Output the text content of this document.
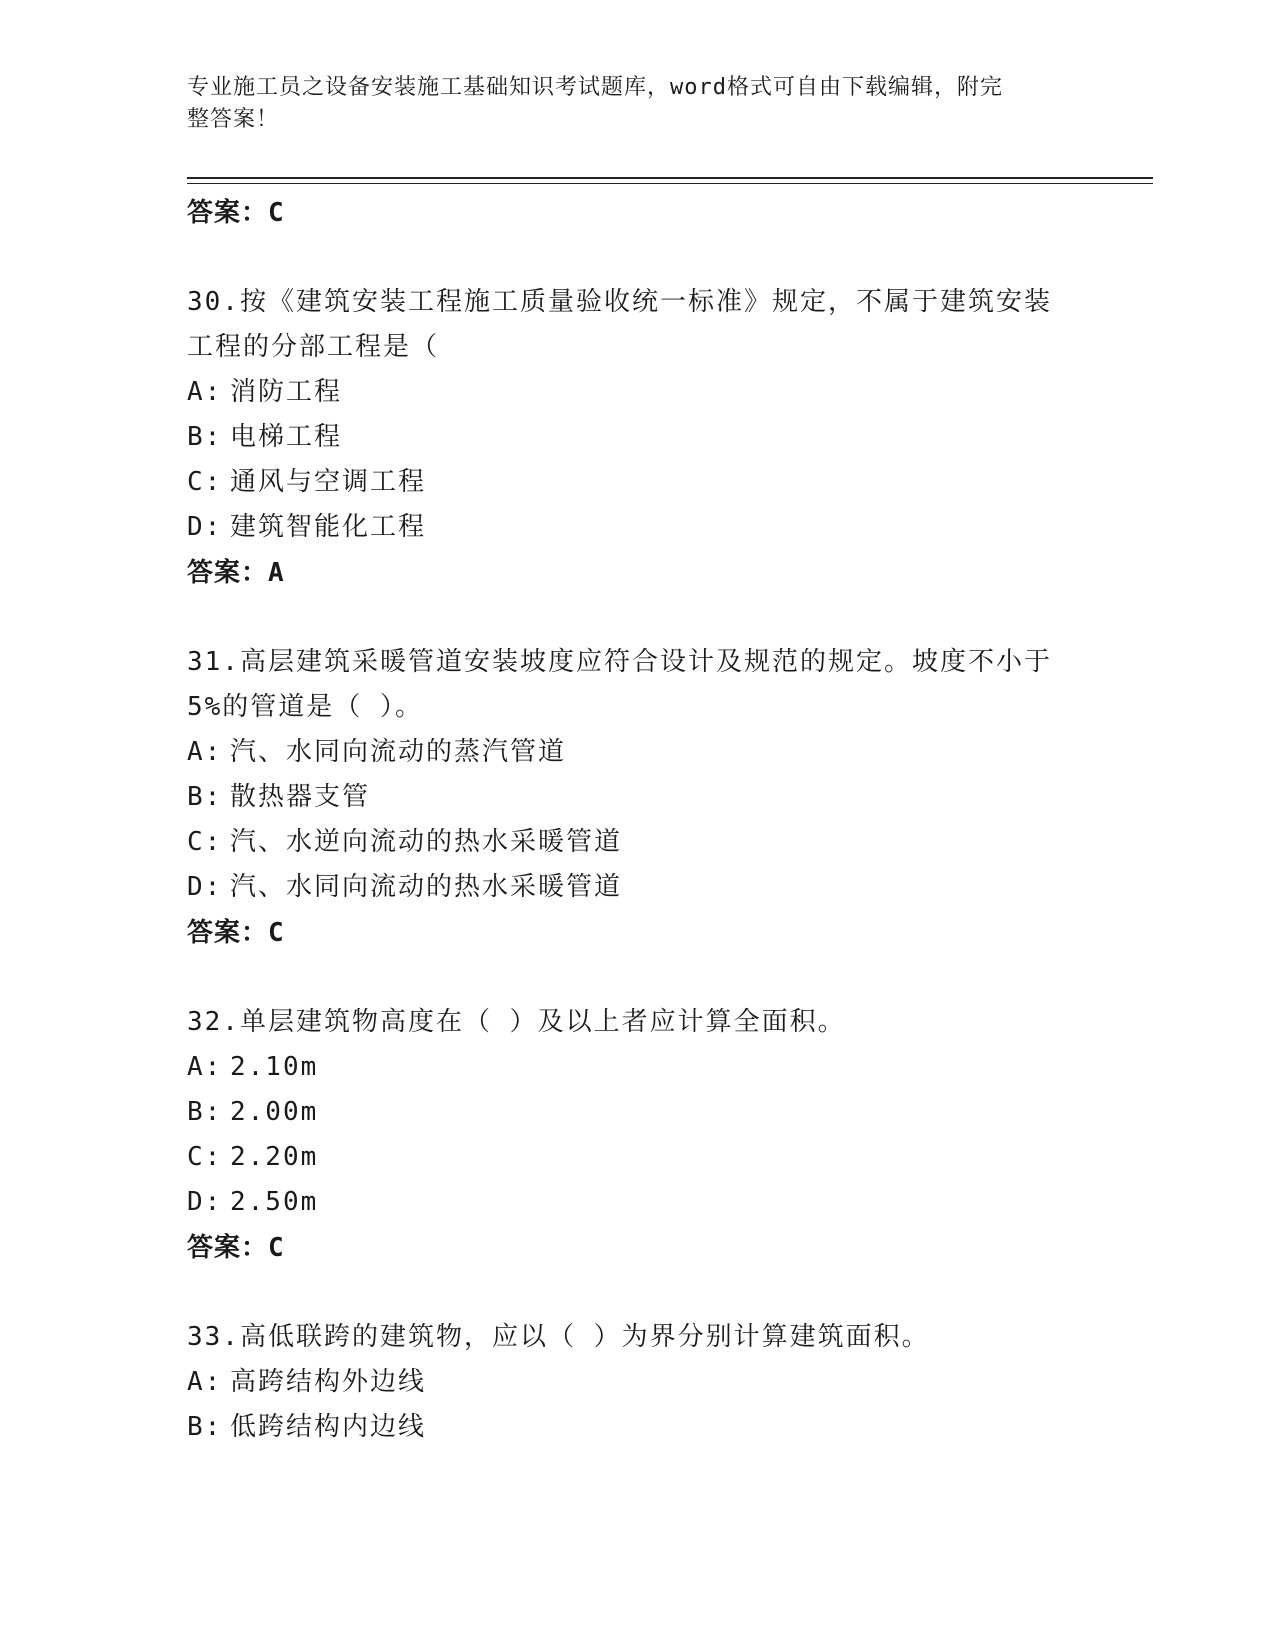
专业施工员之设备安装施工基础知识考试题库，word格式可自由下载编辑，附完
整答案！
答案：C
30.按《建筑安装工程施工质量验收统一标准》规定，不属于建筑安装
工程的分部工程是（
A: 消防工程
B: 电梯工程
C: 通风与空调工程
D: 建筑智能化工程
答案：A
31.高层建筑采暖管道安装坡度应符合设计及规范的规定。坡度不小于
5%的管道是（ ）。
A: 汽、水同向流动的蒸汽管道
B: 散热器支管
C: 汽、水逆向流动的热水采暖管道
D: 汽、水同向流动的热水采暖管道
答案：C
32.单层建筑物高度在（ ）及以上者应计算全面积。
A: 2.10m
B: 2.00m
C: 2.20m
D: 2.50m
答案：C
33.高低联跨的建筑物，应以（ ）为界分别计算建筑面积。
A: 高跨结构外边线
B: 低跨结构内边线
